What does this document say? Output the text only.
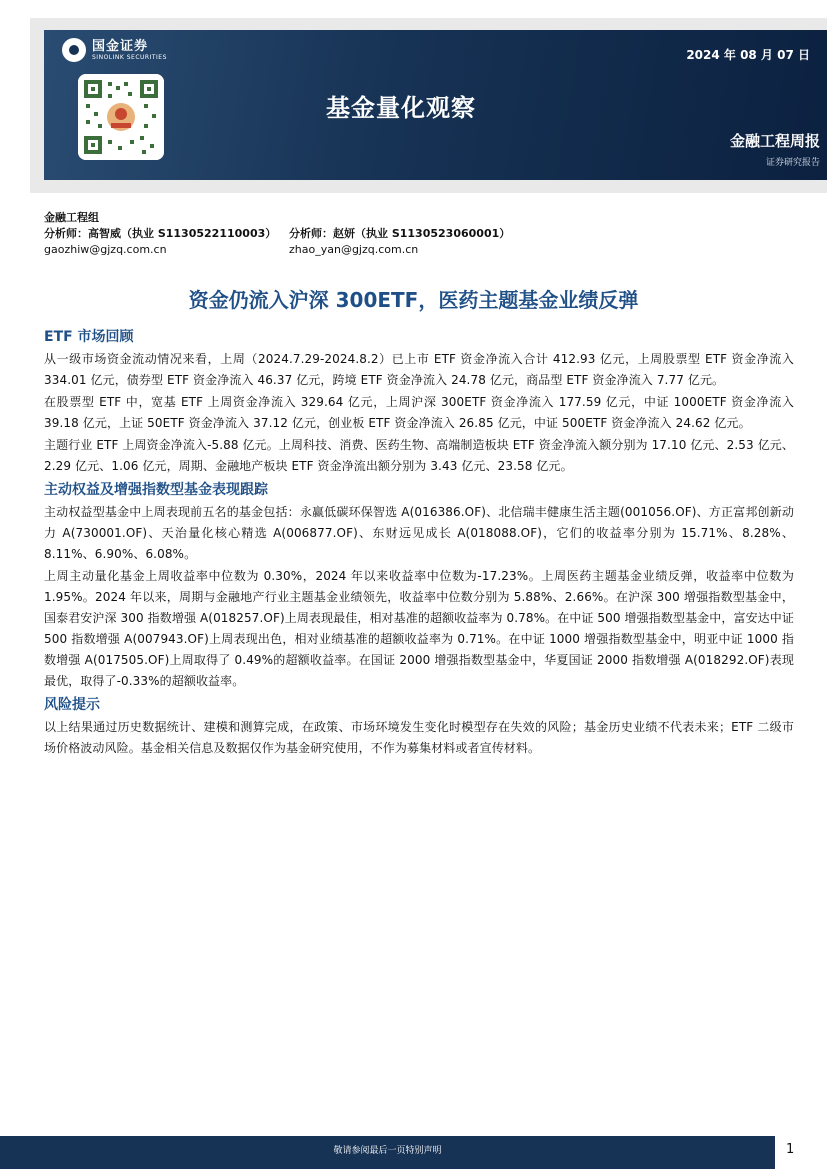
国金证券
SINOLINK SECURITIES	2024 年 08 月 07 日
基金量化观察
金融工程周报
证券研究报告
金融工程组
分析师：高智威（执业 S1130522110003） 分析师：赵妍（执业 S1130523060001）
gaozhiw@gjzq.com.cn	zhao_yan@gjzq.com.cn
资金仍流入沪深 300ETF，医药主题基金业绩反弹
ETF 市场回顾

从一级市场资金流动情况来看，上周（2024.7.29-2024.8.2）已上市 ETF 资金净流入合计 412.93 亿元，上周股票型 ETF 资金净流入 334.01 亿元，债券型 ETF 资金净流入 46.37 亿元，跨境 ETF 资金净流入 24.78 亿元，商品型 ETF 资金净流入 7.77 亿元。

在股票型 ETF 中，宽基 ETF 上周资金净流入 329.64 亿元，上周沪深 300ETF 资金净流入 177.59 亿元，中证 1000ETF 资金净流入 39.18 亿元，上证 50ETF 资金净流入 37.12 亿元，创业板 ETF 资金净流入 26.85 亿元，中证 500ETF 资金净流入 24.62 亿元。

主题行业 ETF 上周资金净流入-5.88 亿元。上周科技、消费、医药生物、高端制造板块 ETF 资金净流入额分别为 17.10 亿元、2.53 亿元、2.29 亿元、1.06 亿元，周期、金融地产板块 ETF 资金净流出额分别为 3.43 亿元、23.58 亿元。

主动权益及增强指数型基金表现跟踪

主动权益型基金中上周表现前五名的基金包括：永赢低碳环保智选 A(016386.OF)、北信瑞丰健康生活主题(001056.OF)、方正富邦创新动力 A(730001.OF)、天治量化核心精选 A(006877.OF)、东财远见成长 A(018088.OF)，它们的收益率分别为 15.71%、8.28%、8.11%、6.90%、6.08%。

上周主动量化基金上周收益率中位数为 0.30%，2024 年以来收益率中位数为-17.23%。上周医药主题基金业绩反弹，收益率中位数为 1.95%。2024 年以来，周期与金融地产行业主题基金业绩领先，收益率中位数分别为 5.88%、2.66%。在沪深 300 增强指数型基金中，国泰君安沪深 300 指数增强 A(018257.OF)上周表现最佳，相对基准的超额收益率为 0.78%。在中证 500 增强指数型基金中，富安达中证 500 指数增强 A(007943.OF)上周表现出色，相对业绩基准的超额收益率为 0.71%。在中证 1000 增强指数型基金中，明亚中证 1000 指数增强 A(017505.OF)上周取得了 0.49%的超额收益率。在国证 2000 增强指数型基金中，华夏国证 2000 指数增强 A(018292.OF)表现最优，取得了-0.33%的超额收益率。

风险提示

以上结果通过历史数据统计、建模和测算完成，在政策、市场环境发生变化时模型存在失效的风险；基金历史业绩不代表未来；ETF 二级市场价格波动风险。基金相关信息及数据仅作为基金研究使用，不作为募集材料或者宣传材料。

敬请参阅最后一页特别声明	1
